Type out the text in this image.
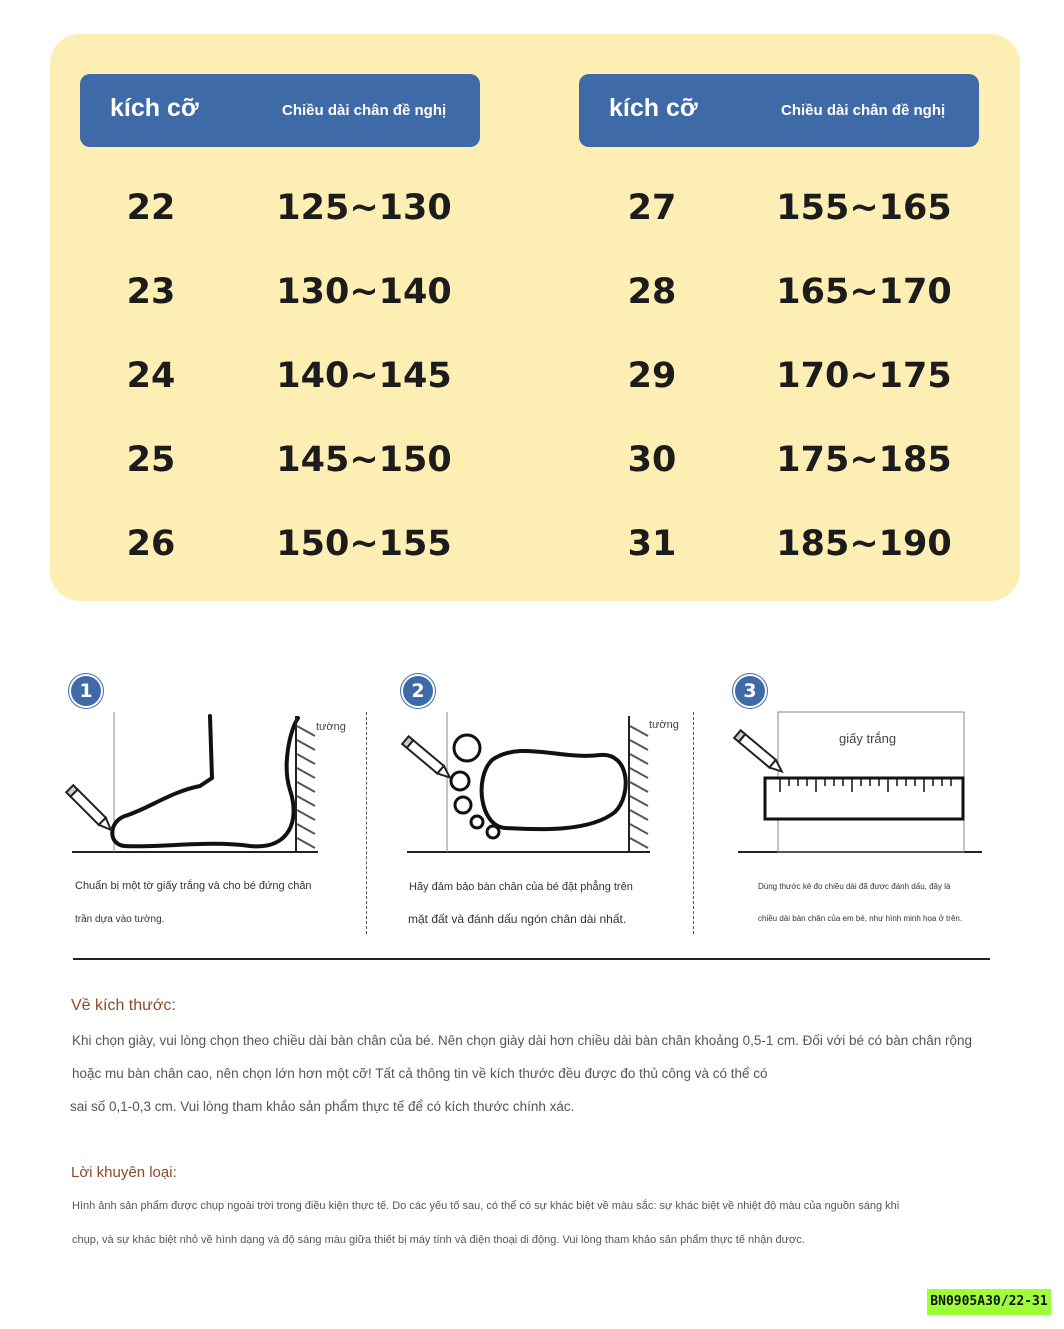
kích cỡ	Chiều dài chân đề nghị	kích cỡ	Chiều dài chân đề nghị
22	125~130
23	130~140
24	140~145
25	145~150
26	150~155
27	155~165
28	165~170
29	170~175
30	175~185
31	185~190
1	2	3
tường	tường
giấy trắng
Chuẩn bị một tờ giấy trắng và cho bé đứng chân
trần dựa vào tường.
Hãy đảm bảo bàn chân của bé đặt phẳng trên
mặt đất và đánh dấu ngón chân dài nhất.
Dùng thước kẻ đo chiều dài đã được đánh dấu, đây là
chiều dài bàn chân của em bé, như hình minh họa ở trên.
Về kích thước:
Khi chọn giày, vui lòng chọn theo chiều dài bàn chân của bé. Nên chọn giày dài hơn chiều dài bàn chân khoảng 0,5-1 cm. Đối với bé có bàn chân rộng
hoặc mu bàn chân cao, nên chọn lớn hơn một cỡ! Tất cả thông tin về kích thước đều được đo thủ công và có thể có
sai số 0,1-0,3 cm. Vui lòng tham khảo sản phẩm thực tế để có kích thước chính xác.
Lời khuyên loại:
Hình ảnh sản phẩm được chụp ngoài trời trong điều kiện thực tế. Do các yếu tố sau, có thể có sự khác biệt về màu sắc: sự khác biệt về nhiệt độ màu của nguồn sáng khi
chụp, và sự khác biệt nhỏ về hình dạng và độ sáng màu giữa thiết bị máy tính và điện thoại di động. Vui lòng tham khảo sản phẩm thực tế nhận được.
BN0905A30/22-31
